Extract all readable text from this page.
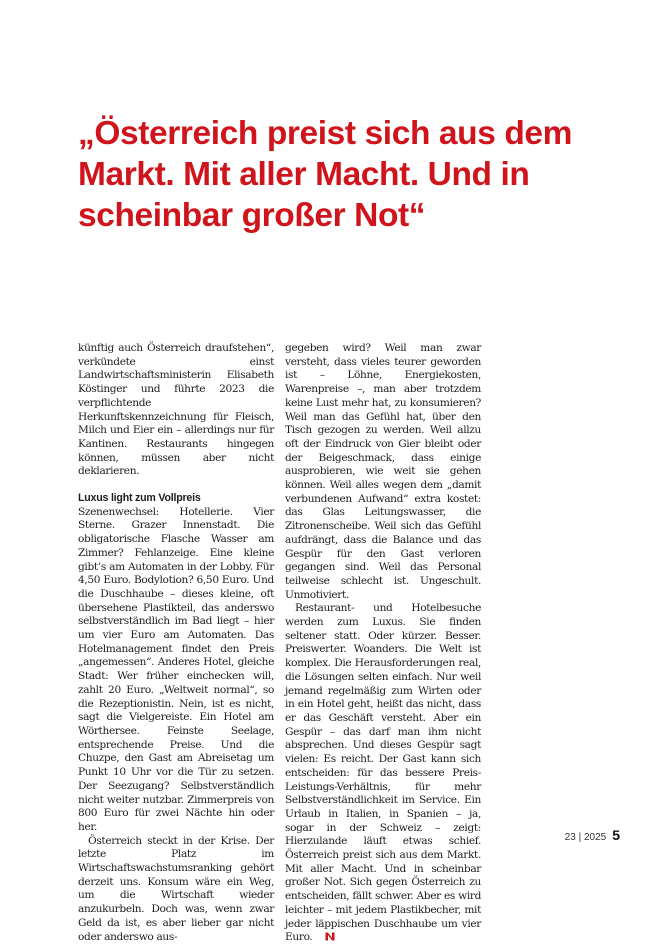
„Österreich preist sich aus dem Markt. Mit aller Macht. Und in scheinbar großer Not“

künftig auch Österreich draufstehen“, verkündete einst Landwirtschaftsministerin Elisabeth Köstinger und führte 2023 die verpflichtende Herkunftskennzeichnung für Fleisch, Milch und Eier ein – allerdings nur für Kantinen. Restaurants hingegen können, müssen aber nicht deklarieren.

Luxus light zum Vollpreis

Szenenwechsel: Hotellerie. Vier Sterne. Grazer Innenstadt. Die obligatorische Flasche Wasser am Zimmer? Fehlanzeige. Eine kleine gibt’s am Automaten in der Lobby. Für 4,50 Euro. Bodylotion? 6,50 Euro. Und die Duschhaube – dieses kleine, oft übersehene Plastikteil, das anderswo selbstverständlich im Bad liegt – hier um vier Euro am Automaten. Das Hotelmanagement findet den Preis „angemessen“. Anderes Hotel, gleiche Stadt: Wer früher einchecken will, zahlt 20 Euro. „Weltweit normal“, so die Rezeptionistin. Nein, ist es nicht, sagt die Vielgereiste. Ein Hotel am Wörthersee. Feinste Seelage, entsprechende Preise. Und die Chuzpe, den Gast am Abreisetag um Punkt 10 Uhr vor die Tür zu setzen. Der Seezugang? Selbstverständlich nicht weiter nutzbar. Zimmerpreis von 800 Euro für zwei Nächte hin oder her.

Österreich steckt in der Krise. Der letzte Platz im Wirtschaftswachstumsranking gehört derzeit uns. Konsum wäre ein Weg, um die Wirtschaft wieder anzukurbeln. Doch was, wenn zwar Geld da ist, es aber lieber gar nicht oder anderswo aus-

gegeben wird? Weil man zwar versteht, dass vieles teurer geworden ist – Löhne, Energiekosten, Warenpreise –, man aber trotzdem keine Lust mehr hat, zu konsumieren? Weil man das Gefühl hat, über den Tisch gezogen zu werden. Weil allzu oft der Eindruck von Gier bleibt oder der Beigeschmack, dass einige ausprobieren, wie weit sie gehen können. Weil alles wegen dem „damit verbundenen Aufwand“ extra kostet: das Glas Leitungswasser, die Zitronenscheibe. Weil sich das Gefühl aufdrängt, dass die Balance und das Gespür für den Gast verloren gegangen sind. Weil das Personal teilweise schlecht ist. Ungeschult. Unmotiviert.

Restaurant- und Hotelbesuche werden zum Luxus. Sie finden seltener statt. Oder kürzer. Besser. Preiswerter. Woanders. Die Welt ist komplex. Die Herausforderungen real, die Lösungen selten einfach. Nur weil jemand regelmäßig zum Wirten oder in ein Hotel geht, heißt das nicht, dass er das Geschäft versteht. Aber ein Gespür – das darf man ihm nicht absprechen. Und dieses Gespür sagt vielen: Es reicht. Der Gast kann sich entscheiden: für das bessere Preis-Leistungs-Verhältnis, für mehr Selbstverständlichkeit im Service. Ein Urlaub in Italien, in Spanien – ja, sogar in der Schweiz – zeigt: Hierzulande läuft etwas schief. Österreich preist sich aus dem Markt. Mit aller Macht. Und in scheinbar großer Not. Sich gegen Österreich zu entscheiden, fällt schwer. Aber es wird leichter – mit jedem Plastikbecher, mit jeder läppischen Duschhaube um vier Euro.

23 | 2025 5
